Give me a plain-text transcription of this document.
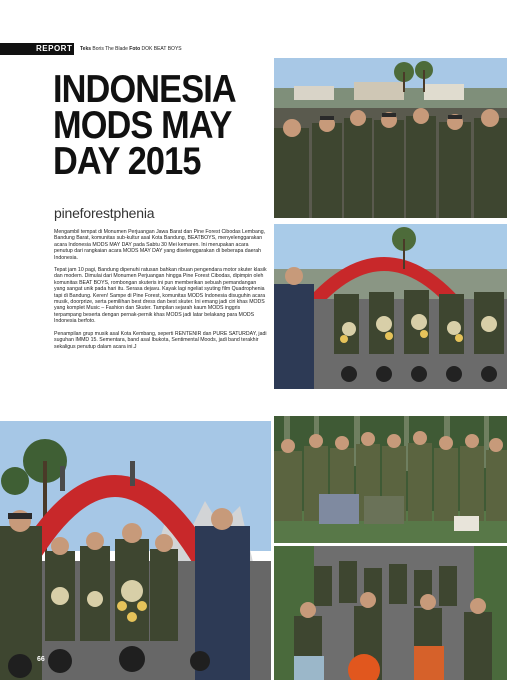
REPORT	Teks Boris The Blade Foto DOK BEAT BOYS
INDONESIA
MODS MAY
DAY 2015
pineforestphenia

Mengambil tempat di Monumen Perjuangan Jawa Barat dan Pine Forest Cibodas Lembang, Bandung Barat, komunitas sub-kultur asal Kota Bandung, BEATBOYS, menyelenggarakan acara Indonesia MODS MAY DAY pada Sabtu 30 Mei kemaren. Ini merupakan acara penutup dari rangkaian acara MODS MAY DAY yang diselenggarakan di beberapa daerah Indonesia.

Tepat jam 10 pagi, Bandung dipenuhi ratusan bahkan ribuan pengendara motor skuter klasik dan modern. Dimulai dari Monumen Perjuangan hingga Pine Forest Cibodas, dipimpin oleh komunitas BEAT BOYS, rombongan skuteris ini pun memberikan sebuah pemandangan yang sangat unik pada hari itu. Serasa dejavu. Kayak lagi ngeliat syuting film Quadrophenia tapi di Bandung. Keren! Sampe di Pine Forest, komunitas MODS Indonesia disuguhin acara musik, doorprize, serta pemilihan best dress dan best skuter. Ini emang jadi ciri khas MODS yang komplet Music – Fashion dan Skuter. Tampilan sejarah kaum MODS inggris terpampang beserta dengan pernak-pernik khas MODS jadi latar belakang para MODS Indonesia berfoto.

Penampilan grup musik asal Kota Kembang, seperti RENTENIR dan PURE SATURDAY, jadi suguhan IMMD 15. Sementara, band asal Ibukota, Sentimental Moods, jadi band terakhir sekaligus penutup dalam acara ini.J

66
